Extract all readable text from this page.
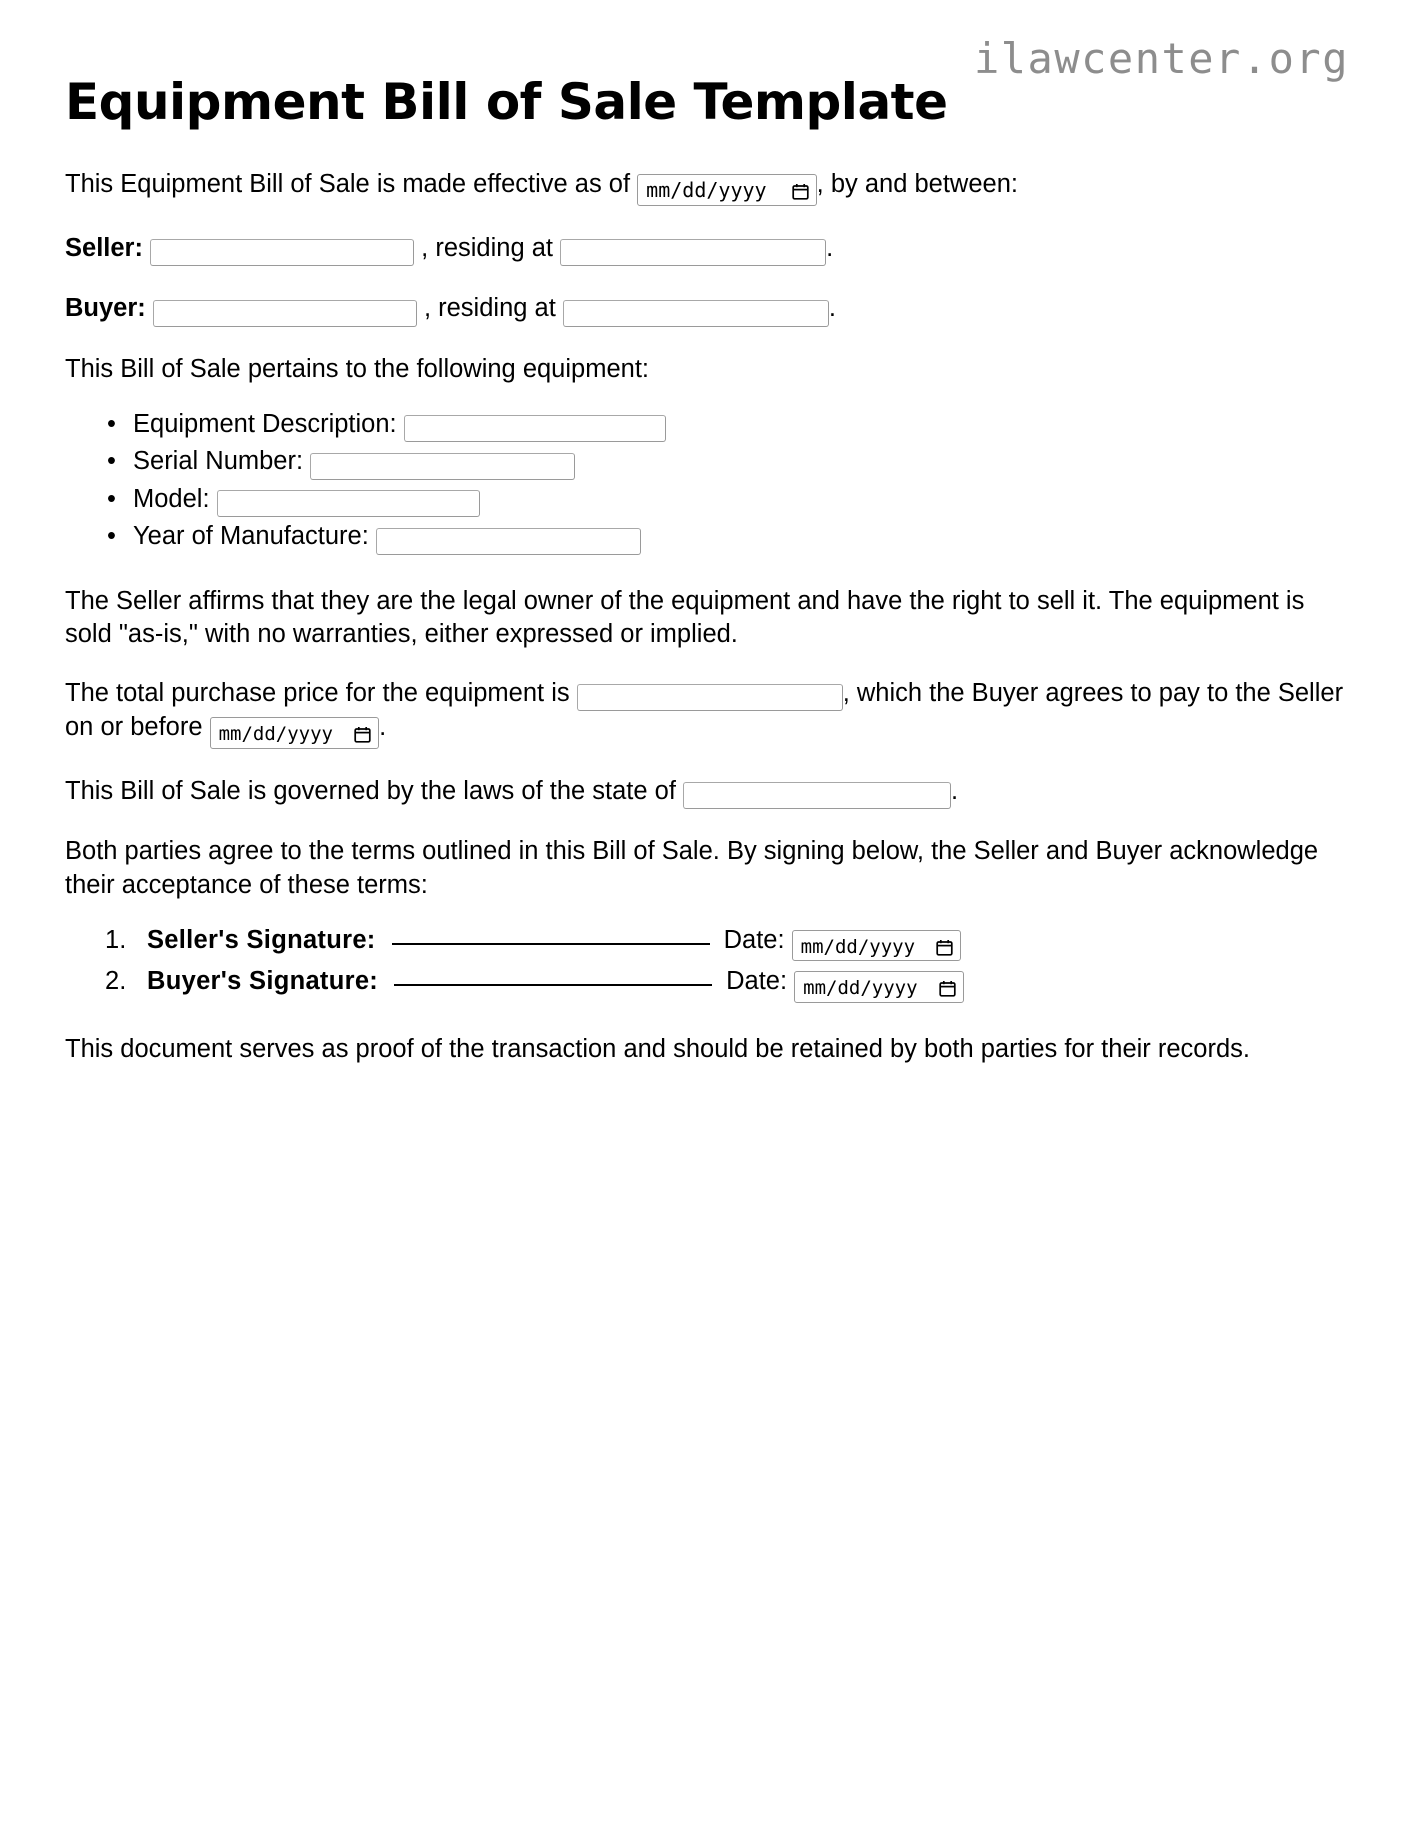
ilawcenter.org
Equipment Bill of Sale Template

This Equipment Bill of Sale is made effective as of mm/dd/yyyy , by and between:

Seller:	, residing at	.

Buyer:	, residing at	.

This Bill of Sale pertains to the following equipment:

• Equipment Description:
• Serial Number:
• Model:
• Year of Manufacture:

The Seller affirms that they are the legal owner of the equipment and have the right to sell it. The equipment is sold "as-is," with no warranties, either expressed or implied.

The total purchase price for the equipment is	, which the Buyer agrees to pay to the Seller on or before mm/dd/yyyy .

This Bill of Sale is governed by the laws of the state of	.

Both parties agree to the terms outlined in this Bill of Sale. By signing below, the Seller and Buyer acknowledge their acceptance of these terms:

Seller's Signature:	Date: mm/dd/yyyy
Buyer's Signature:	Date: mm/dd/yyyy

This document serves as proof of the transaction and should be retained by both parties for their records.
